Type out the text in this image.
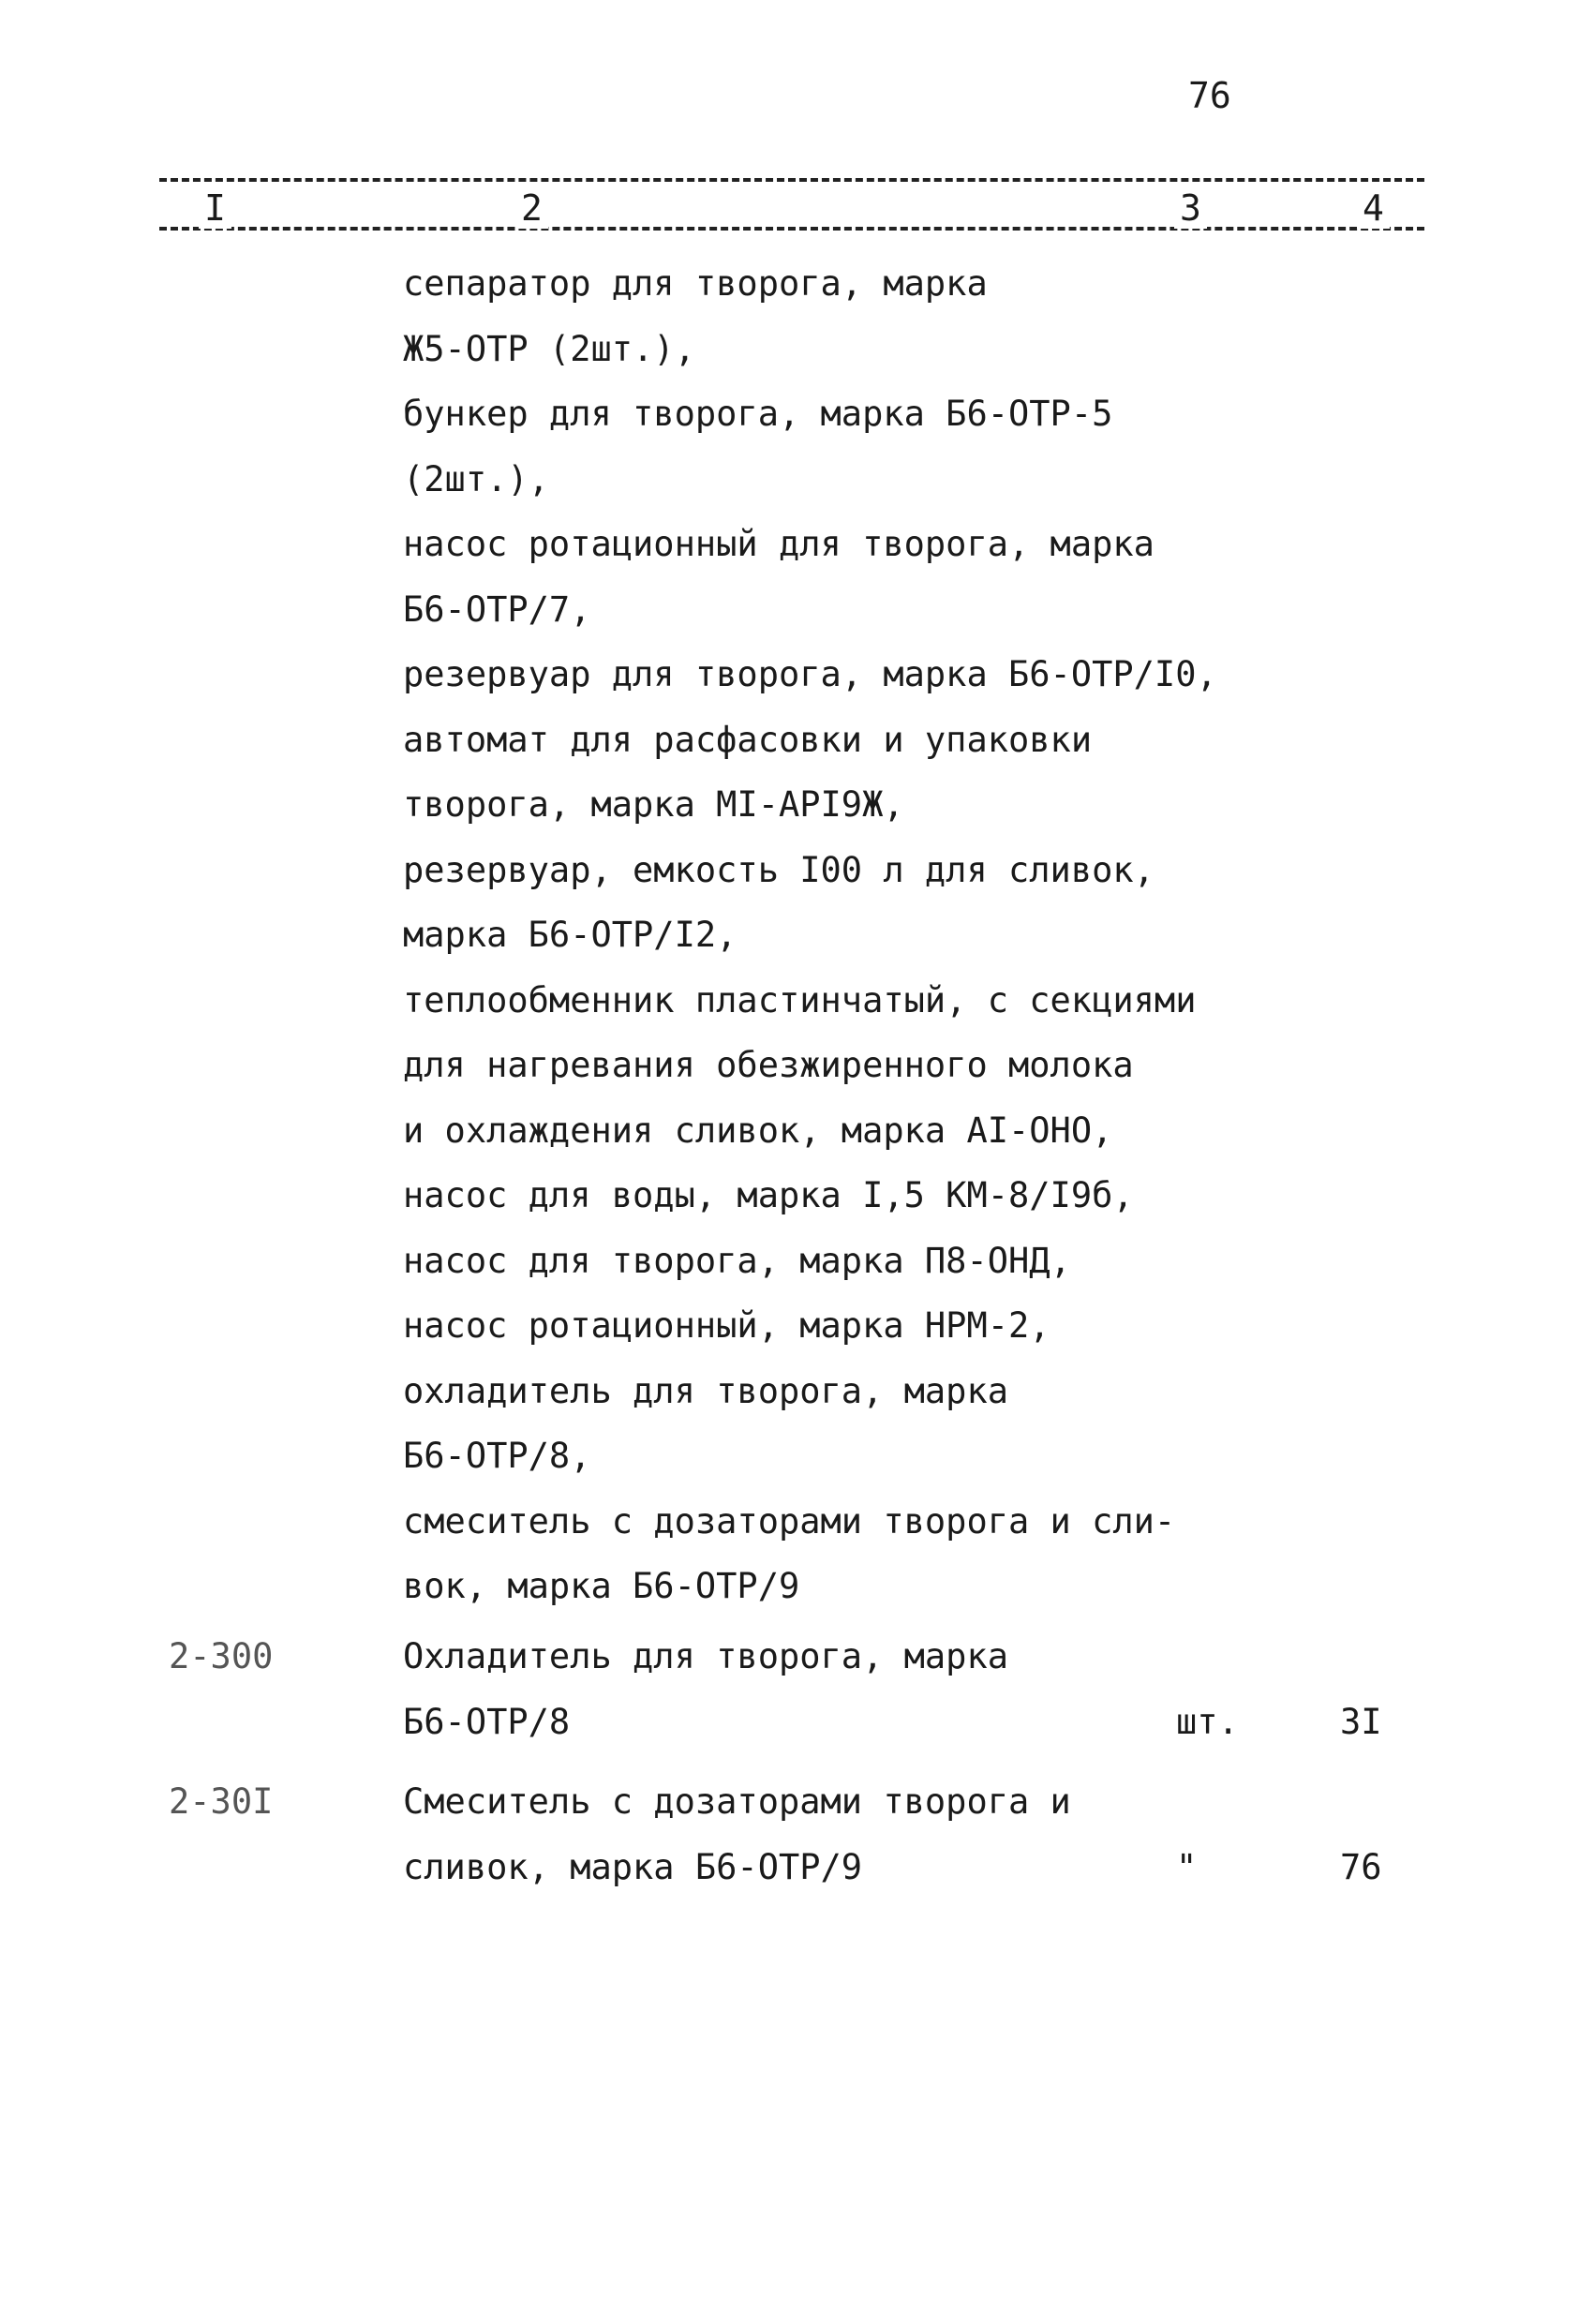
76
I	2	3	4
сепаратор для творога, марка
Ж5-ОТР (2шт.),
бункер для творога, марка Б6-ОТР-5
(2шт.),
насос ротационный для творога, марка
Б6-ОТР/7,
резервуар для творога, марка Б6-ОТР/I0,
автомат для расфасовки и упаковки
творога, марка MI-API9Ж,
резервуар, емкость I00 л для сливок,
марка Б6-ОТР/I2,
теплообменник пластинчатый, с секциями
для нагревания обезжиренного молока
и охлаждения сливок, марка AI-ОНО,
насос для воды, марка I,5 КМ-8/I9б,
насос для творога, марка П8-ОНД,
насос ротационный, марка НРМ-2,
охладитель для творога, марка
Б6-ОТР/8,
смеситель с дозаторами творога и сли-
вок, марка Б6-ОТР/9
2-300	Охладитель для творога, марка
Б6-ОТР/8	шт.	3I
2-30I	Смеситель с дозаторами творога и
сливок, марка Б6-ОТР/9	"	76
